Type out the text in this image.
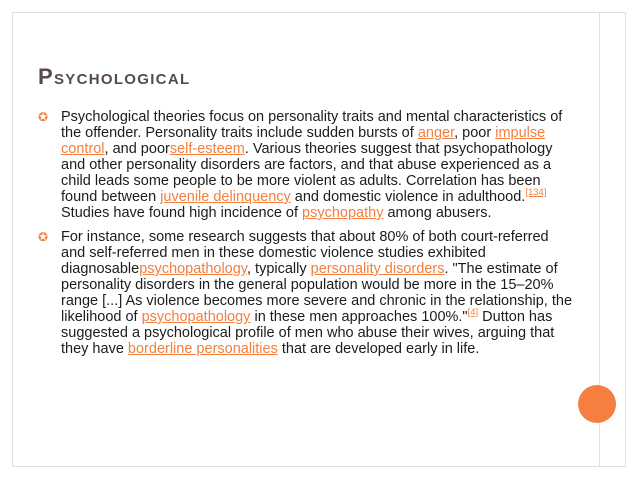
Psychological
✪ Psychological theories focus on personality traits and mental characteristics of the offender. Personality traits include sudden bursts of anger, poor impulse control, and poorself-esteem. Various theories suggest that psychopathology and other personality disorders are factors, and that abuse experienced as a child leads some people to be more violent as adults. Correlation has been found between juvenile delinquency and domestic violence in adulthood.[134] Studies have found high incidence of psychopathy among abusers.
✪ For instance, some research suggests that about 80% of both court-referred and self-referred men in these domestic violence studies exhibited diagnosablepsychopathology, typically personality disorders. "The estimate of personality disorders in the general population would be more in the 15–20% range [...] As violence becomes more severe and chronic in the relationship, the likelihood of psychopathology in these men approaches 100%."[4] Dutton has suggested a psychological profile of men who abuse their wives, arguing that they have borderline personalities that are developed early in life.
